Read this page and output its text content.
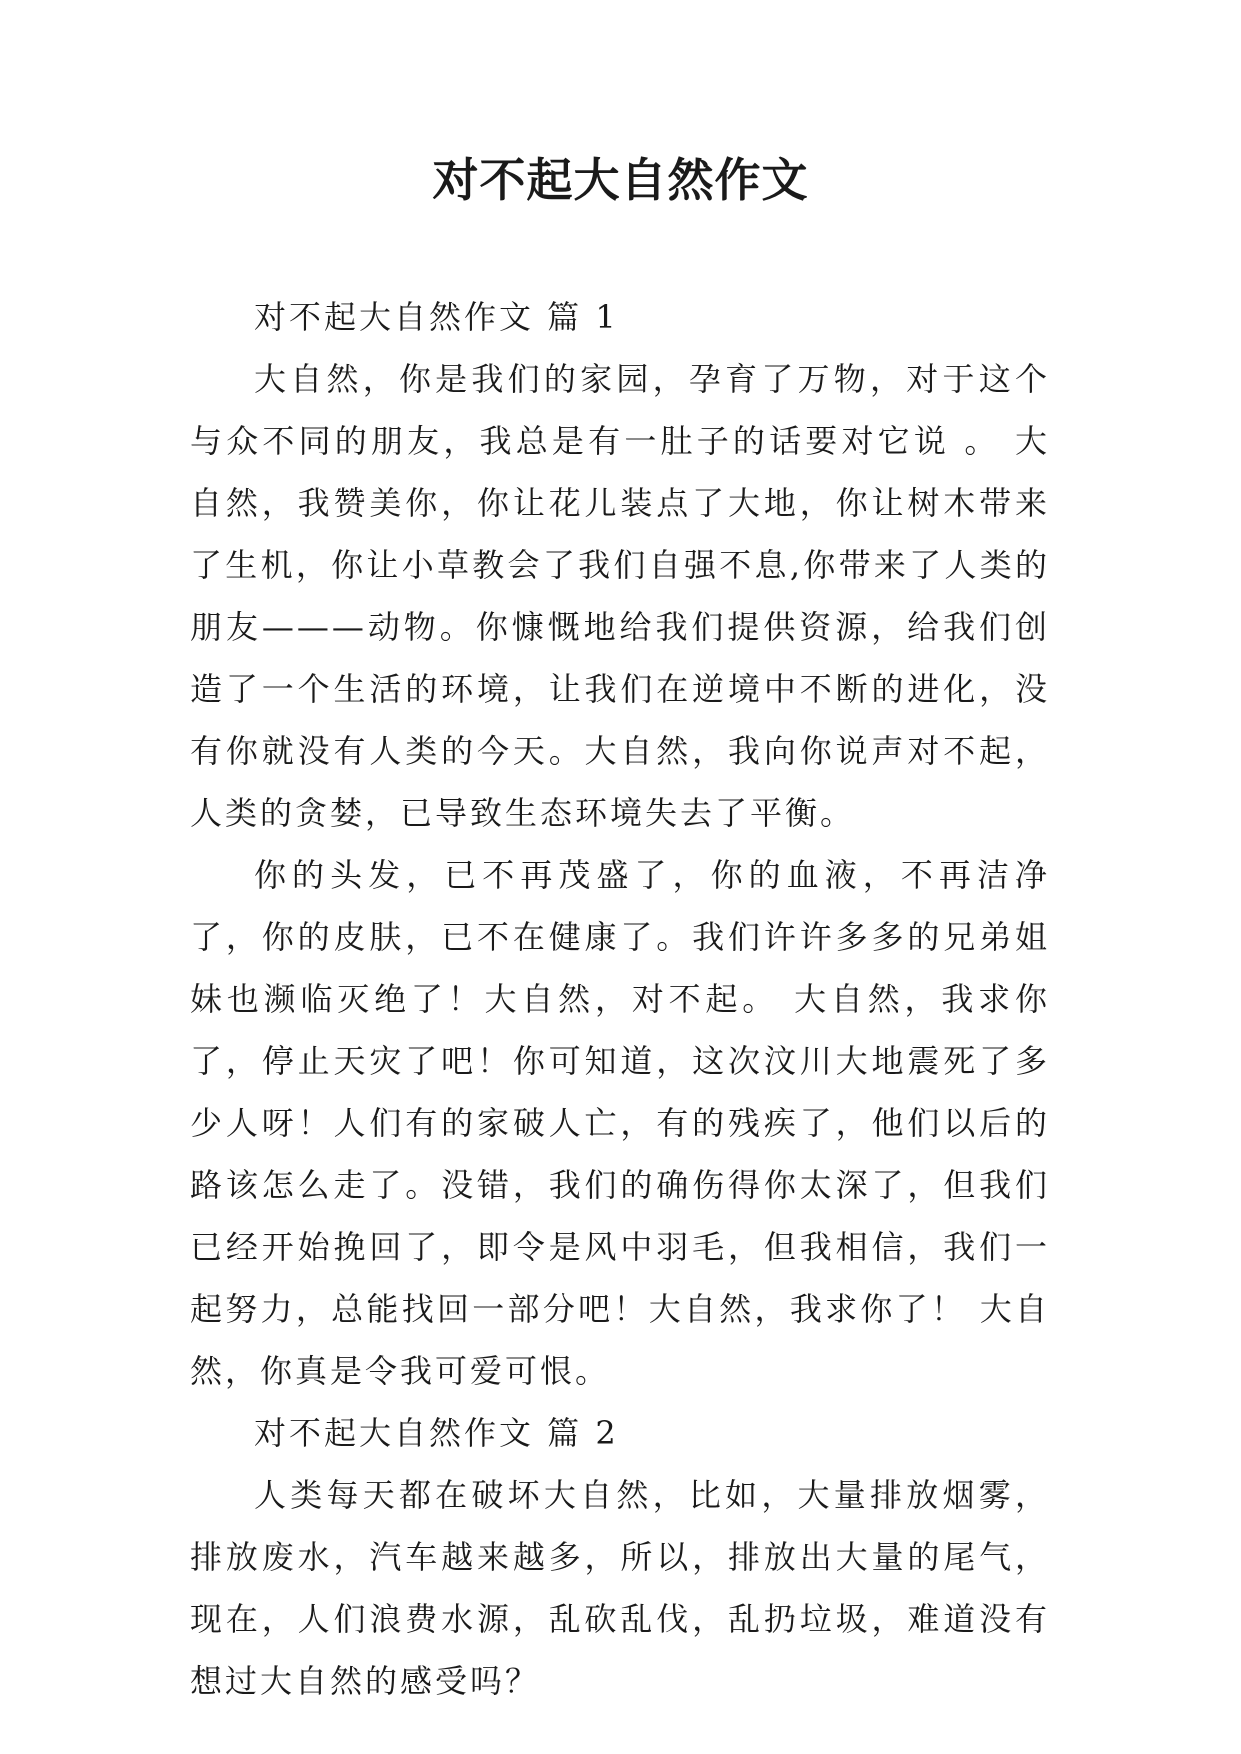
对不起大自然作文

对不起大自然作文 篇 1

大自然，你是我们的家园，孕育了万物，对于这个与众不同的朋友，我总是有一肚子的话要对它说 。 大自然，我赞美你，你让花儿装点了大地，你让树木带来了生机，你让小草教会了我们自强不息,你带来了人类的朋友———动物。你慷慨地给我们提供资源，给我们创造了一个生活的环境，让我们在逆境中不断的进化，没有你就没有人类的今天。大自然，我向你说声对不起，人类的贪婪，已导致生态环境失去了平衡。

你的头发，已不再茂盛了，你的血液，不再洁净了，你的皮肤，已不在健康了。我们许许多多的兄弟姐妹也濒临灭绝了！大自然，对不起。 大自然，我求你了，停止天灾了吧！你可知道，这次汶川大地震死了多少人呀！人们有的家破人亡，有的残疾了，他们以后的路该怎么走了。没错，我们的确伤得你太深了，但我们已经开始挽回了，即令是风中羽毛，但我相信，我们一起努力，总能找回一部分吧！大自然，我求你了！ 大自然，你真是令我可爱可恨。

对不起大自然作文 篇 2

人类每天都在破坏大自然，比如，大量排放烟雾，排放废水，汽车越来越多，所以，排放出大量的尾气，现在，人们浪费水源，乱砍乱伐，乱扔垃圾，难道没有想过大自然的感受吗？
